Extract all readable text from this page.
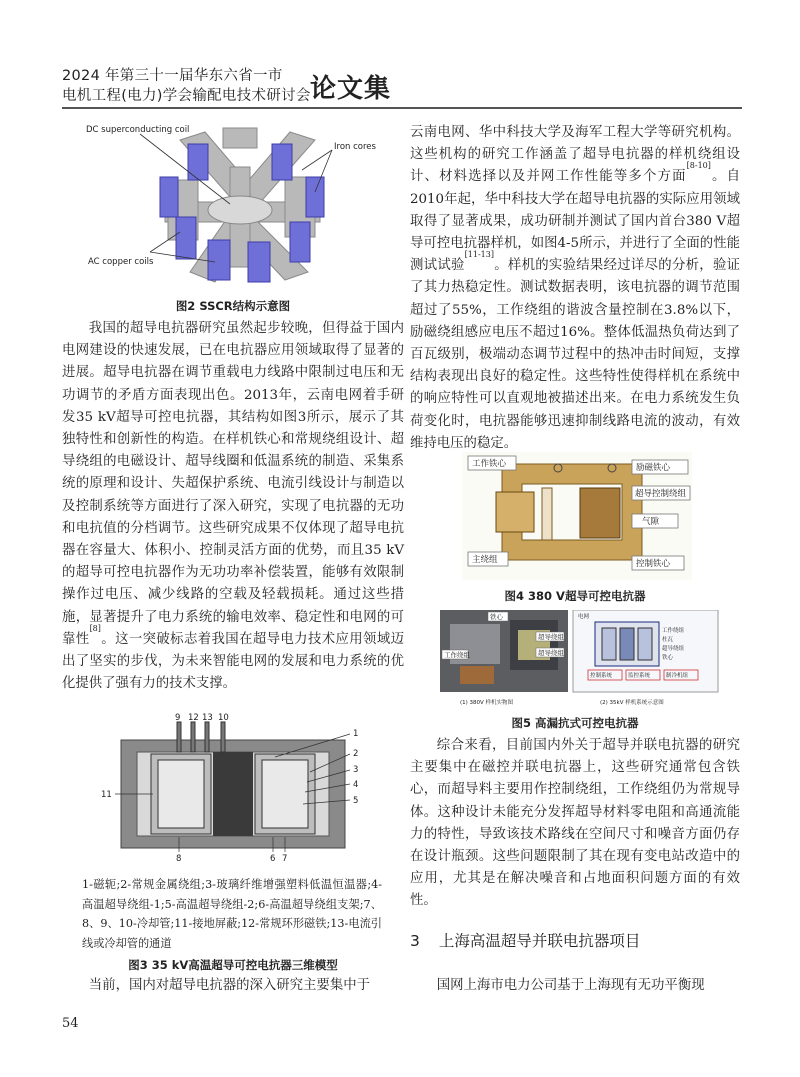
2024 年第三十一届华东六省一市
电机工程(电力)学会输配电技术研讨会 论文集
DC superconducting coil
Iron cores
AC copper coils
图2 SSCR结构示意图

我国的超导电抗器研究虽然起步较晚，但得益于国内电网建设的快速发展，已在电抗器应用领域取得了显著的进展。超导电抗器在调节重载电力线路中限制过电压和无功调节的矛盾方面表现出色。2013年，云南电网着手研发35 kV超导可控电抗器，其结构如图3所示，展示了其独特性和创新性的构造。在样机铁心和常规绕组设计、超导绕组的电磁设计、超导线圈和低温系统的制造、采集系统的原理和设计、失超保护系统、电流引线设计与制造以及控制系统等方面进行了深入研究，实现了电抗器的无功和电抗值的分档调节。这些研究成果不仅体现了超导电抗器在容量大、体积小、控制灵活方面的优势，而且35 kV的超导可控电抗器作为无功功率补偿装置，能够有效限制操作过电压、减少线路的空载及轻载损耗。通过这些措施，显著提升了电力系统的输电效率、稳定性和电网的可靠性[8]。这一突破标志着我国在超导电力技术应用领域迈出了坚实的步伐，为未来智能电网的发展和电力系统的优化提供了强有力的技术支撑。

9 12 13 10
1
2
3
4
5
11
8	6 7
1-磁轭;2-常规金属绕组;3-玻璃纤维增强塑料低温恒温器;4-高温超导绕组-1;5-高温超导绕组-2;6-高温超导绕组支架;7、8、9、10-冷却管;11-接地屏蔽;12-常规环形磁铁;13-电流引线或冷却管的通道
图3 35 kV高温超导可控电抗器三维模型

当前，国内对超导电抗器的深入研究主要集中于

云南电网、华中科技大学及海军工程大学等研究机构。这些机构的研究工作涵盖了超导电抗器的样机绕组设计、材料选择以及并网工作性能等多个方面[8-10]。自2010年起，华中科技大学在超导电抗器的实际应用领域取得了显著成果，成功研制并测试了国内首台380 V超导可控电抗器样机，如图4-5所示，并进行了全面的性能测试试验[11-13]。样机的实验结果经过详尽的分析，验证了其力热稳定性。测试数据表明，该电抗器的调节范围超过了55%，工作绕组的谐波含量控制在3.8%以下，励磁绕组感应电压不超过16%。整体低温热负荷达到了百瓦级别，极端动态调节过程中的热冲击时间短，支撑结构表现出良好的稳定性。这些特性使得样机在系统中的响应特性可以直观地被描述出来。在电力系统发生负荷变化时，电抗器能够迅速抑制线路电流的波动，有效维持电压的稳定。

工作铁心	励磁铁心
超导控制绕组
气隙
主绕组	控制铁心
图4 380 V超导可控电抗器
铁心
超导绕组
超导绕组
工作绕组
电网
工作绕组
杜瓦
超导绕组
铁心
控制系统	监控系统	制冷机组
(1) 380V 样机实物图	(2) 35kV 样机系统示意图
图5 高漏抗式可控电抗器

综合来看，目前国内外关于超导并联电抗器的研究主要集中在磁控并联电抗器上，这些研究通常包含铁心，而超导料主要用作控制绕组，工作绕组仍为常规导体。这种设计未能充分发挥超导材料零电阻和高通流能力的特性，导致该技术路线在空间尺寸和噪音方面仍存在设计瓶颈。这些问题限制了其在现有变电站改造中的应用，尤其是在解决噪音和占地面积问题方面的有效性。

3 上海高温超导并联电抗器项目

国网上海市电力公司基于上海现有无功平衡现

54
